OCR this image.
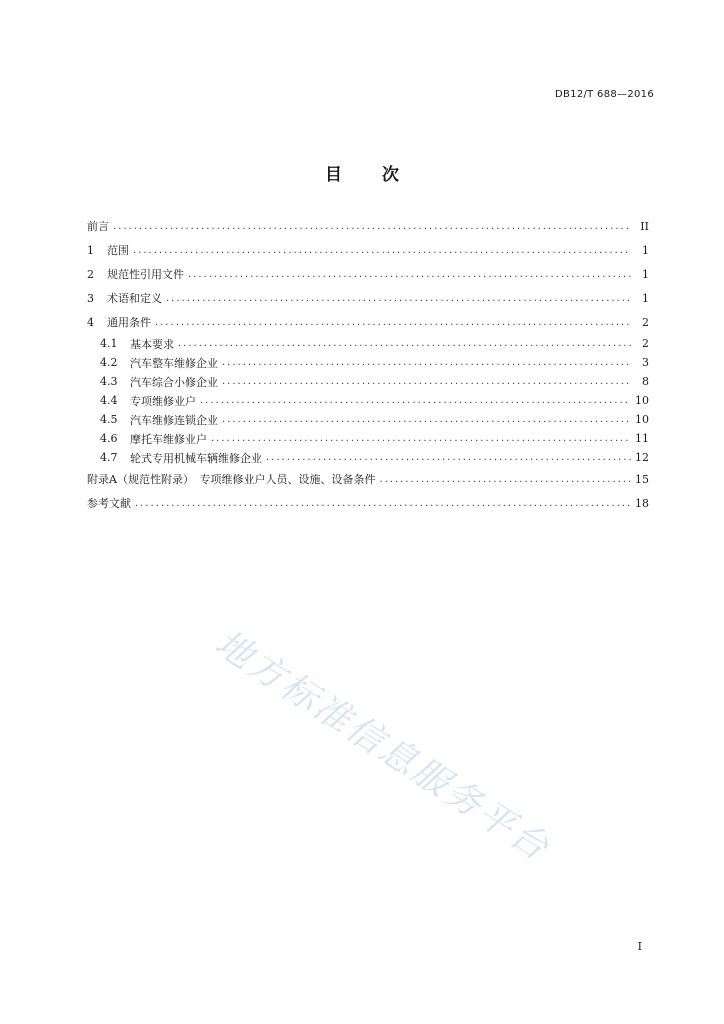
DB12/T 688—2016
目 次
前言 .....	II
1	范围 .....	1
2	规范性引用文件 .....	1
3	术语和定义 .....	1
4	通用条件 .....	2
4.1	基本要求 .....	2
4.2	汽车整车维修企业 .....	3
4.3	汽车综合小修企业 .....	8
4.4	专项维修业户 .....	10
4.5	汽车维修连锁企业 .....	10
4.6	摩托车维修业户 .....	11
4.7	轮式专用机械车辆维修企业 .....	12
附录A（规范性附录）　专项维修业户人员、设施、设备条件 .....	15
参考文献 .....	18
地方标准信息服务平台
I
